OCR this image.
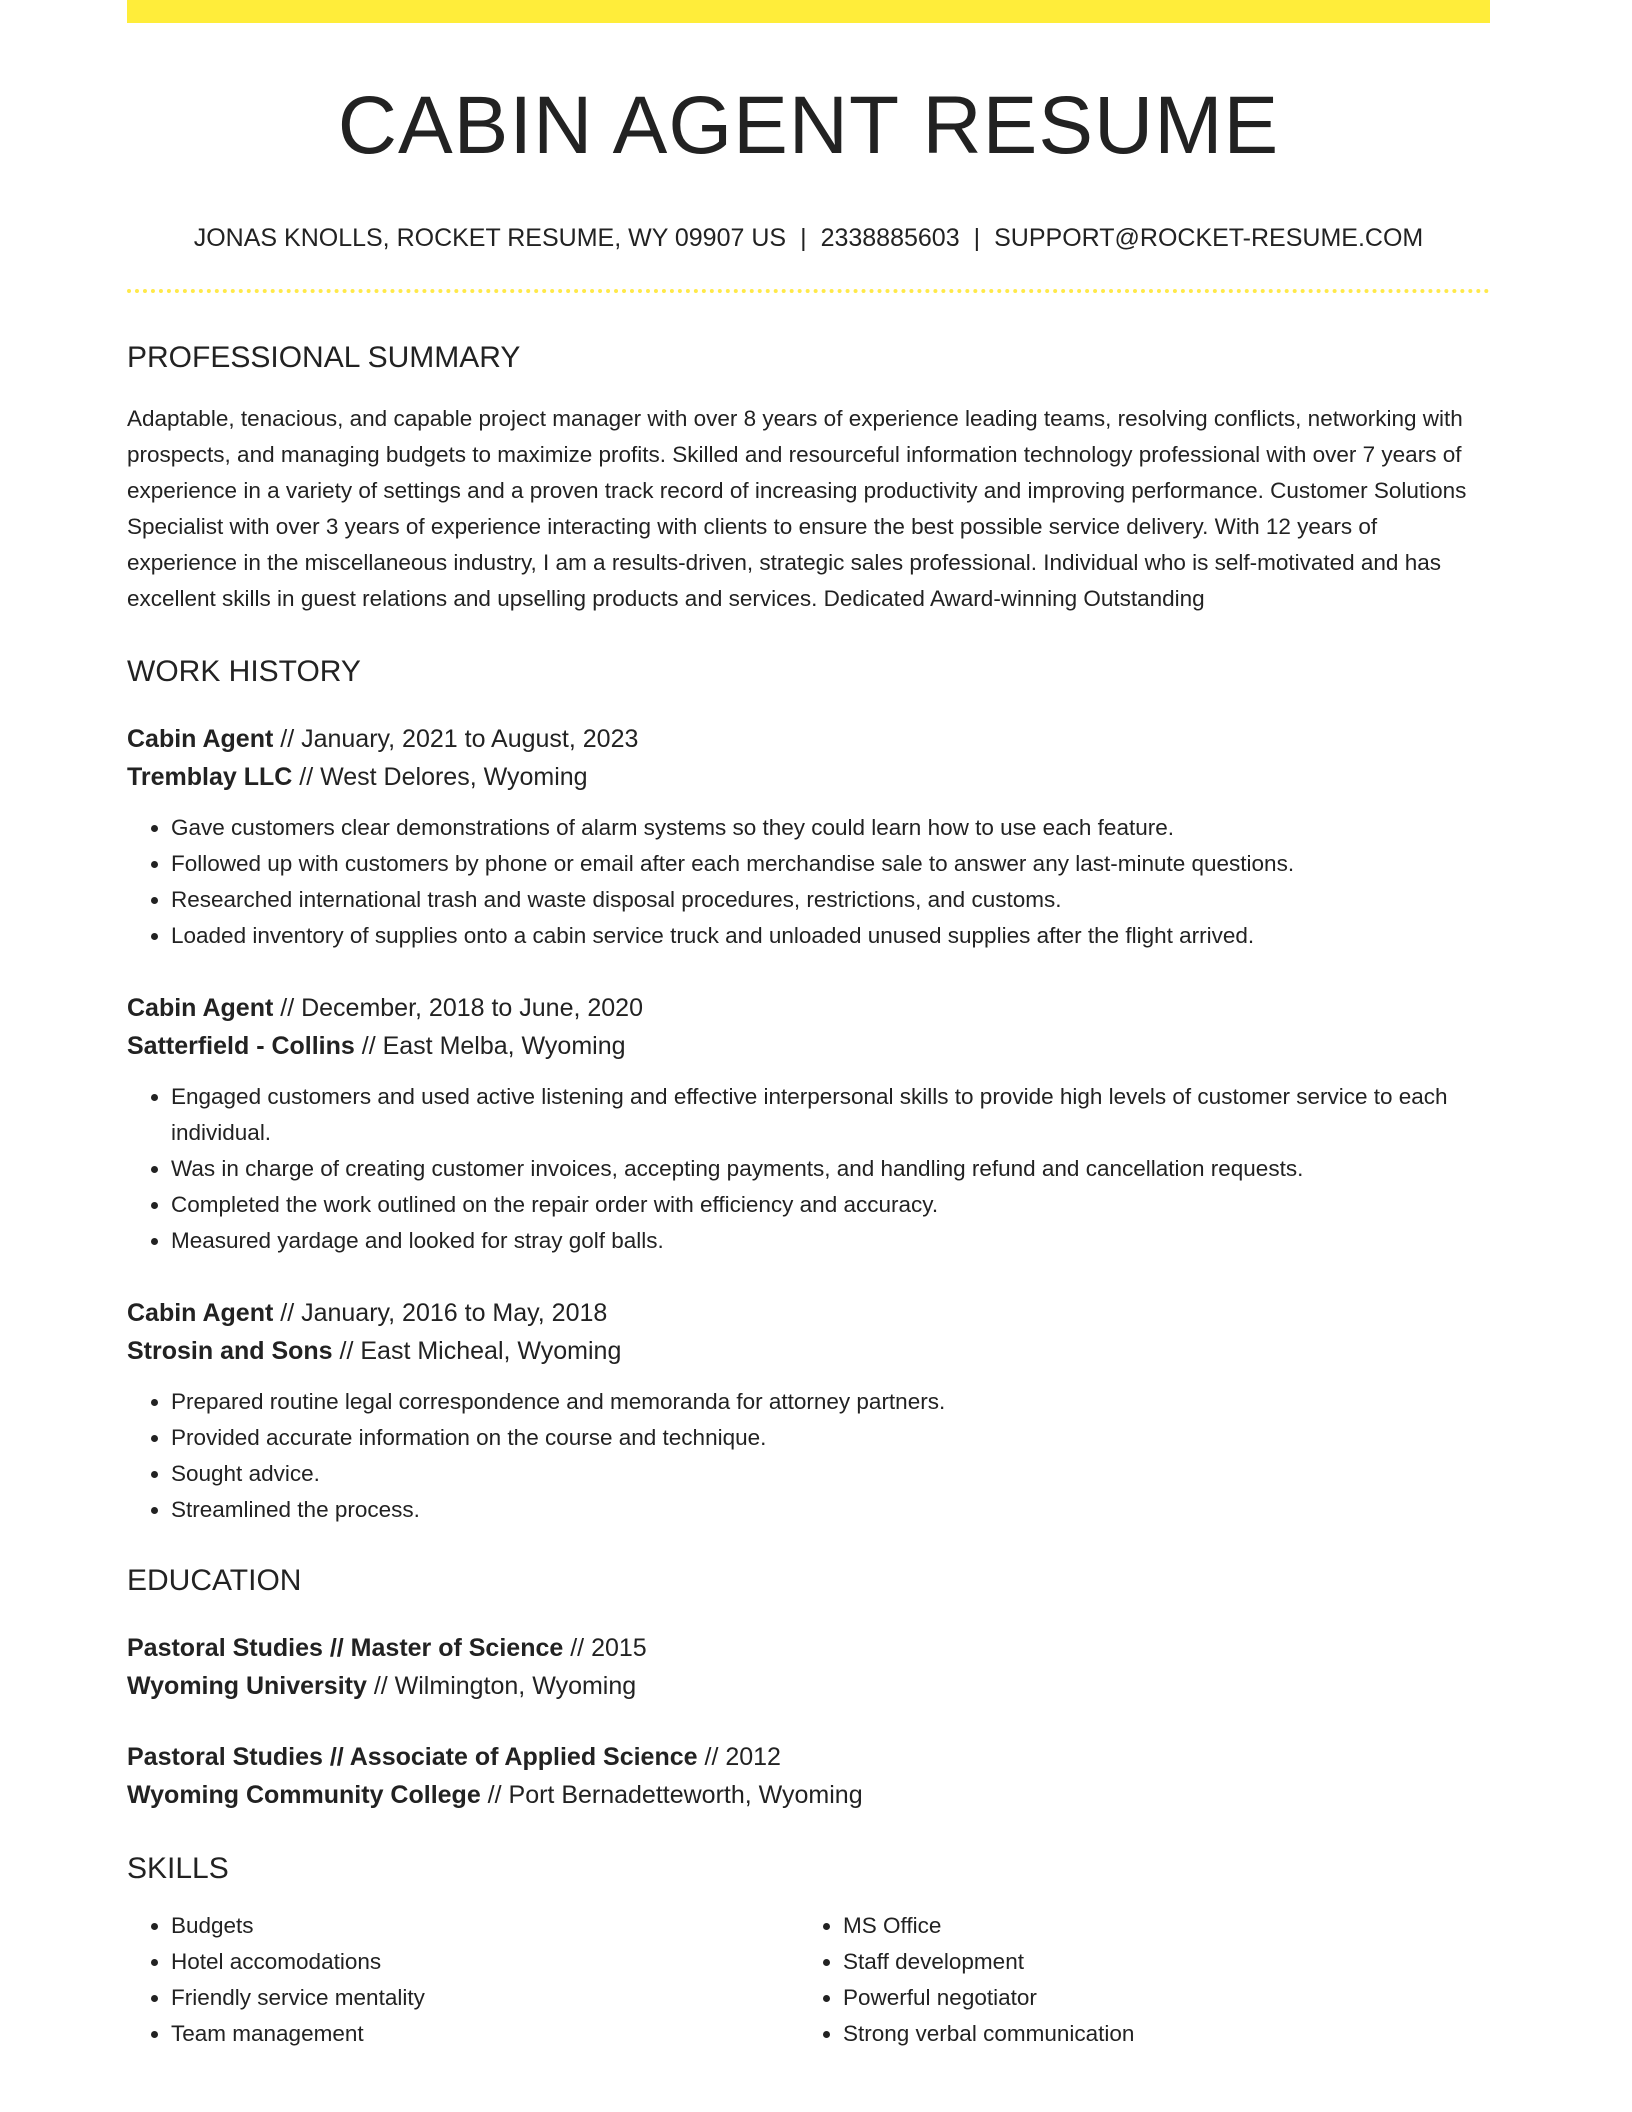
CABIN AGENT RESUME
JONAS KNOLLS, ROCKET RESUME, WY 09907 US | 2338885603 | SUPPORT@ROCKET-RESUME.COM
PROFESSIONAL SUMMARY

Adaptable, tenacious, and capable project manager with over 8 years of experience leading teams, resolving conflicts, networking with prospects, and managing budgets to maximize profits. Skilled and resourceful information technology professional with over 7 years of experience in a variety of settings and a proven track record of increasing productivity and improving performance. Customer Solutions Specialist with over 3 years of experience interacting with clients to ensure the best possible service delivery. With 12 years of experience in the miscellaneous industry, I am a results-driven, strategic sales professional. Individual who is self-motivated and has excellent skills in guest relations and upselling products and services. Dedicated Award-winning Outstanding

WORK HISTORY
Cabin Agent // January, 2021 to August, 2023
Tremblay LLC // West Delores, Wyoming
• Gave customers clear demonstrations of alarm systems so they could learn how to use each feature.
• Followed up with customers by phone or email after each merchandise sale to answer any last-minute questions.
• Researched international trash and waste disposal procedures, restrictions, and customs.
• Loaded inventory of supplies onto a cabin service truck and unloaded unused supplies after the flight arrived.
Cabin Agent // December, 2018 to June, 2020
Satterfield - Collins // East Melba, Wyoming
• Engaged customers and used active listening and effective interpersonal skills to provide high levels of customer service to each individual.
• Was in charge of creating customer invoices, accepting payments, and handling refund and cancellation requests.
• Completed the work outlined on the repair order with efficiency and accuracy.
• Measured yardage and looked for stray golf balls.
Cabin Agent // January, 2016 to May, 2018
Strosin and Sons // East Micheal, Wyoming
• Prepared routine legal correspondence and memoranda for attorney partners.
• Provided accurate information on the course and technique.
• Sought advice.
• Streamlined the process.
EDUCATION
Pastoral Studies // Master of Science // 2015
Wyoming University // Wilmington, Wyoming
Pastoral Studies // Associate of Applied Science // 2012
Wyoming Community College // Port Bernadetteworth, Wyoming
SKILLS
• Budgets
• Hotel accomodations
• Friendly service mentality
• Team management
• MS Office
• Staff development
• Powerful negotiator
• Strong verbal communication
